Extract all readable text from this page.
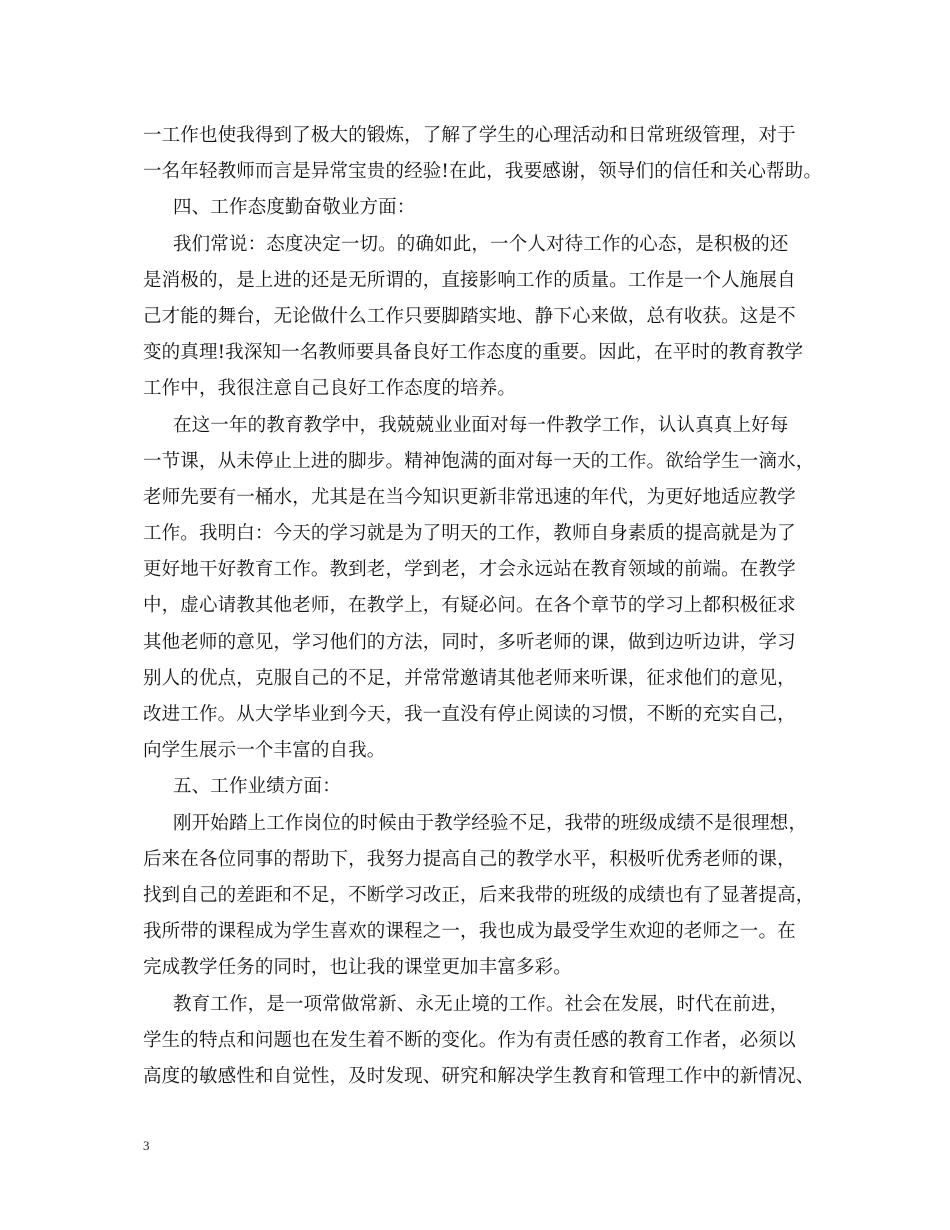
一工作也使我得到了极大的锻炼，了解了学生的心理活动和日常班级管理，对于
一名年轻教师而言是异常宝贵的经验!在此，我要感谢，领导们的信任和关心帮助。
四、工作态度勤奋敬业方面：
我们常说：态度决定一切。的确如此，一个人对待工作的心态，是积极的还
是消极的，是上进的还是无所谓的，直接影响工作的质量。工作是一个人施展自
己才能的舞台，无论做什么工作只要脚踏实地、静下心来做，总有收获。这是不
变的真理!我深知一名教师要具备良好工作态度的重要。因此，在平时的教育教学
工作中，我很注意自己良好工作态度的培养。
在这一年的教育教学中，我兢兢业业面对每一件教学工作，认认真真上好每
一节课，从未停止上进的脚步。精神饱满的面对每一天的工作。欲给学生一滴水，
老师先要有一桶水，尤其是在当今知识更新非常迅速的年代，为更好地适应教学
工作。我明白：今天的学习就是为了明天的工作，教师自身素质的提高就是为了
更好地干好教育工作。教到老，学到老，才会永远站在教育领域的前端。在教学
中，虚心请教其他老师，在教学上，有疑必问。在各个章节的学习上都积极征求
其他老师的意见，学习他们的方法，同时，多听老师的课，做到边听边讲，学习
别人的优点，克服自己的不足，并常常邀请其他老师来听课，征求他们的意见，
改进工作。从大学毕业到今天，我一直没有停止阅读的习惯，不断的充实自己，
向学生展示一个丰富的自我。
五、工作业绩方面：
刚开始踏上工作岗位的时候由于教学经验不足，我带的班级成绩不是很理想，
后来在各位同事的帮助下，我努力提高自己的教学水平，积极听优秀老师的课，
找到自己的差距和不足，不断学习改正，后来我带的班级的成绩也有了显著提高，
我所带的课程成为学生喜欢的课程之一，我也成为最受学生欢迎的老师之一。在
完成教学任务的同时，也让我的课堂更加丰富多彩。
教育工作，是一项常做常新、永无止境的工作。社会在发展，时代在前进，
学生的特点和问题也在发生着不断的变化。作为有责任感的教育工作者，必须以
高度的敏感性和自觉性，及时发现、研究和解决学生教育和管理工作中的新情况、
3
